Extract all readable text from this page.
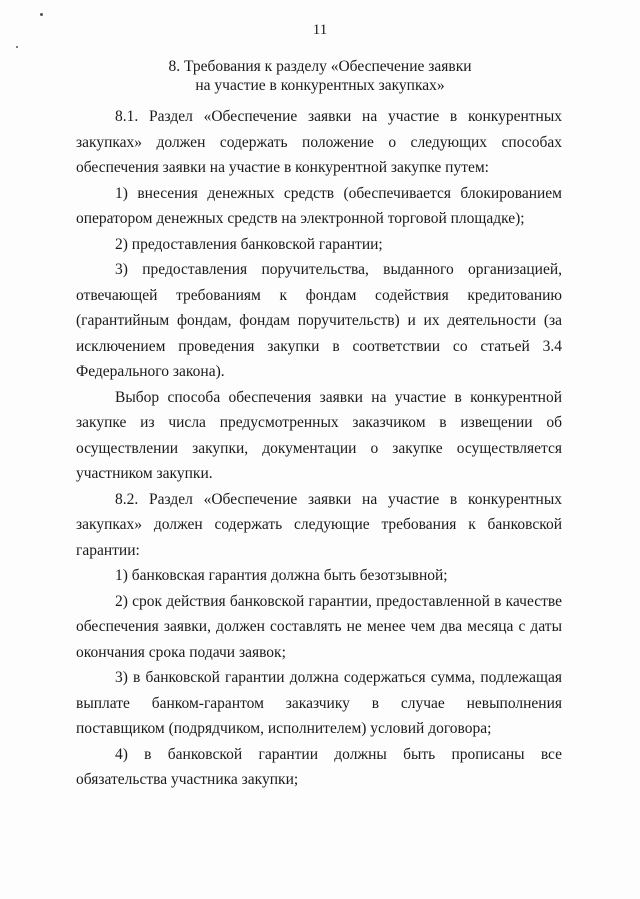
11
8. Требования к разделу «Обеспечение заявки
на участие в конкурентных закупках»

8.1. Раздел «Обеспечение заявки на участие в конкурентных закупках» должен содержать положение о следующих способах обеспечения заявки на участие в конкурентной закупке путем:

1) внесения денежных средств (обеспечивается блокированием оператором денежных средств на электронной торговой площадке);

2) предоставления банковской гарантии;

3) предоставления поручительства, выданного организацией, отвечающей требованиям к фондам содействия кредитованию (гарантийным фондам, фондам поручительств) и их деятельности (за исключением проведения закупки в соответствии со статьей 3.4 Федерального закона).

Выбор способа обеспечения заявки на участие в конкурентной закупке из числа предусмотренных заказчиком в извещении об осуществлении закупки, документации о закупке осуществляется участником закупки.

8.2. Раздел «Обеспечение заявки на участие в конкурентных закупках» должен содержать следующие требования к банковской гарантии:

1) банковская гарантия должна быть безотзывной;

2) срок действия банковской гарантии, предоставленной в качестве обеспечения заявки, должен составлять не менее чем два месяца с даты окончания срока подачи заявок;

3) в банковской гарантии должна содержаться сумма, подлежащая выплате банком-гарантом заказчику в случае невыполнения поставщиком (подрядчиком, исполнителем) условий договора;

4) в банковской гарантии должны быть прописаны все обязательства участника закупки;
